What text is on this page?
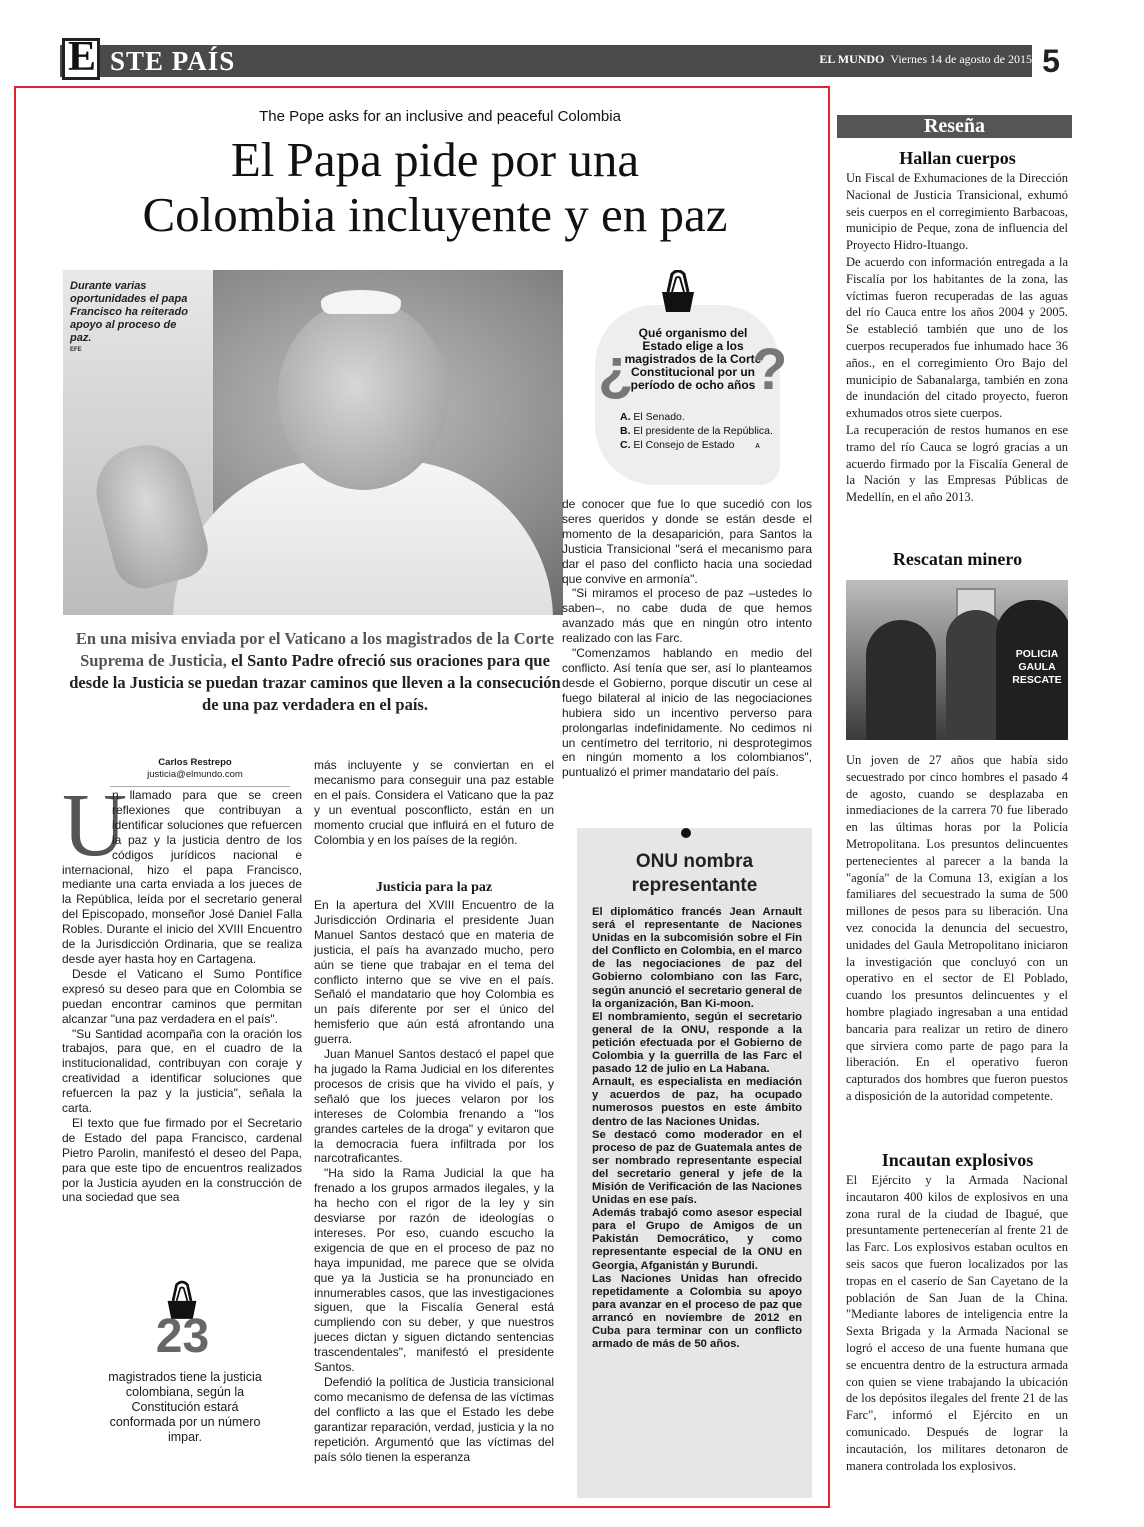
E STE PAÍS	EL MUNDO Viernes 14 de agosto de 2015 5
The Pope asks for an inclusive and peaceful Colombia
El Papa pide por una
Colombia incluyente y en paz
Durante varias oportunidades el papa Francisco ha reiterado apoyo al proceso de paz.
EFE
Qué organismo del Estado elige a los magistrados de la Corte Constitucional por un período de ocho años
¿ ?
A. El Senado.
B. El presidente de la República.
C. El Consejo de Estado ᴀ
En una misiva enviada por el Vaticano a los magistrados de la Corte Suprema de Justicia, el Santo Padre ofreció sus oraciones para que desde la Justicia se puedan trazar caminos que lleven a la consecución de una paz verdadera en el país.
Carlos Restrepo
justicia@elmundo.com
U

n llamado para que se creen reflexiones que contribuyan a identificar soluciones que refuercen la paz y la justicia dentro de los códigos jurídicos nacional e internacional, hizo el papa Francisco, mediante una carta enviada a los jueces de la República, leída por el secretario general del Episcopado, monseñor José Daniel Falla Robles. Durante el inicio del XVIII Encuentro de la Jurisdicción Ordinaria, que se realiza desde ayer hasta hoy en Cartagena.

Desde el Vaticano el Sumo Pontífice expresó su deseo para que en Colombia se puedan encontrar caminos que permitan alcanzar "una paz verdadera en el país".

"Su Santidad acompaña con la oración los trabajos, para que, en el cuadro de la institucionalidad, contribuyan con coraje y creatividad a identificar soluciones que refuercen la paz y la justicia", señala la carta.

El texto que fue firmado por el Secretario de Estado del papa Francisco, cardenal Pietro Parolin, manifestó el deseo del Papa, para que este tipo de encuentros realizados por la Justicia ayuden en la construcción de una sociedad que sea

23
magistrados tiene la justicia colombiana, según la Constitución estará conformada por un número impar.

más incluyente y se conviertan en el mecanismo para conseguir una paz estable en el país. Considera el Vaticano que la paz y un eventual posconflicto, están en un momento crucial que influirá en el futuro de Colombia y en los países de la región.

Justicia para la paz

En la apertura del XVIII Encuentro de la Jurisdicción Ordinaria el presidente Juan Manuel Santos destacó que en materia de justicia, el país ha avanzado mucho, pero aún se tiene que trabajar en el tema del conflicto interno que se vive en el país. Señaló el mandatario que hoy Colombia es un país diferente por ser el único del hemisferio que aún está afrontando una guerra.

Juan Manuel Santos destacó el papel que ha jugado la Rama Judicial en los diferentes procesos de crisis que ha vivido el país, y señaló que los jueces velaron por los intereses de Colombia frenando a "los grandes carteles de la droga" y evitaron que la democracia fuera infiltrada por los narcotraficantes.

"Ha sido la Rama Judicial la que ha frenado a los grupos armados ilegales, y la ha hecho con el rigor de la ley y sin desviarse por razón de ideologías o intereses. Por eso, cuando escucho la exigencia de que en el proceso de paz no haya impunidad, me parece que se olvida que ya la Justicia se ha pronunciado en innumerables casos, que las investigaciones siguen, que la Fiscalía General está cumpliendo con su deber, y que nuestros jueces dictan y siguen dictando sentencias trascendentales", manifestó el presidente Santos.

Defendió la política de Justicia transicional como mecanismo de defensa de las víctimas del conflicto a las que el Estado les debe garantizar reparación, verdad, justicia y la no repetición. Argumentó que las víctimas del país sólo tienen la esperanza

de conocer que fue lo que sucedió con los seres queridos y donde se están desde el momento de la desaparición, para Santos la Justicia Transicional "será el mecanismo para dar el paso del conflicto hacia una sociedad que convive en armonía".

"Si miramos el proceso de paz –ustedes lo saben–, no cabe duda de que hemos avanzado más que en ningún otro intento realizado con las Farc.

"Comenzamos hablando en medio del conflicto. Así tenía que ser, así lo planteamos desde el Gobierno, porque discutir un cese al fuego bilateral al inicio de las negociaciones hubiera sido un incentivo perverso para prolongarlas indefinidamente. No cedimos ni un centímetro del territorio, ni desprotegimos en ningún momento a los colombianos", puntualizó el primer mandatario del país.

ONU nombra representante

El diplomático francés Jean Arnault será el representante de Naciones Unidas en la subcomisión sobre el Fin del Conflicto en Colombia, en el marco de las negociaciones de paz del Gobierno colombiano con las Farc, según anunció el secretario general de la organización, Ban Ki-moon.

El nombramiento, según el secretario general de la ONU, responde a la petición efectuada por el Gobierno de Colombia y la guerrilla de las Farc el pasado 12 de julio en La Habana.

Arnault, es especialista en mediación y acuerdos de paz, ha ocupado numerosos puestos en este ámbito dentro de las Naciones Unidas.

Se destacó como moderador en el proceso de paz de Guatemala antes de ser nombrado representante especial del secretario general y jefe de la Misión de Verificación de las Naciones Unidas en ese país.

Además trabajó como asesor especial para el Grupo de Amigos de un Pakistán Democrático, y como representante especial de la ONU en Georgia, Afganistán y Burundi.

Las Naciones Unidas han ofrecido repetidamente a Colombia su apoyo para avanzar en el proceso de paz que arrancó en noviembre de 2012 en Cuba para terminar con un conflicto armado de más de 50 años.

Reseña
Hallan cuerpos

Un Fiscal de Exhumaciones de la Dirección Nacional de Justicia Transicional, exhumó seis cuerpos en el corregimiento Barbacoas, municipio de Peque, zona de influencia del Proyecto Hidro-Ituango.

De acuerdo con información entregada a la Fiscalía por los habitantes de la zona, las víctimas fueron recuperadas de las aguas del río Cauca entre los años 2004 y 2005. Se estableció también que uno de los cuerpos recuperados fue inhumado hace 36 años., en el corregimiento Oro Bajo del municipio de Sabanalarga, también en zona de inundación del citado proyecto, fueron exhumados otros siete cuerpos.

La recuperación de restos humanos en ese tramo del río Cauca se logró gracias a un acuerdo firmado por la Fiscalía General de la Nación y las Empresas Públicas de Medellín, en el año 2013.

Rescatan minero
POLICIA GAULA RESCATE

Un joven de 27 años que había sido secuestrado por cinco hombres el pasado 4 de agosto, cuando se desplazaba en inmediaciones de la carrera 70 fue liberado en las últimas horas por la Policía Metropolitana. Los presuntos delincuentes pertenecientes al parecer a la banda la "agonía" de la Comuna 13, exigían a los familiares del secuestrado la suma de 500 millones de pesos para su liberación. Una vez conocida la denuncia del secuestro, unidades del Gaula Metropolitano iniciaron la investigación que concluyó con un operativo en el sector de El Poblado, cuando los presuntos delincuentes y el hombre plagiado ingresaban a una entidad bancaria para realizar un retiro de dinero que sirviera como parte de pago para la liberación. En el operativo fueron capturados dos hombres que fueron puestos a disposición de la autoridad competente.

Incautan explosivos

El Ejército y la Armada Nacional incautaron 400 kilos de explosivos en una zona rural de la ciudad de Ibagué, que presuntamente pertenecerían al frente 21 de las Farc. Los explosivos estaban ocultos en seis sacos que fueron localizados por las tropas en el caserío de San Cayetano de la población de San Juan de la China. "Mediante labores de inteligencia entre la Sexta Brigada y la Armada Nacional se logró el acceso de una fuente humana que se encuentra dentro de la estructura armada con quien se viene trabajando la ubicación de los depósitos ilegales del frente 21 de las Farc", informó el Ejército en un comunicado. Después de lograr la incautación, los militares detonaron de manera controlada los explosivos.
